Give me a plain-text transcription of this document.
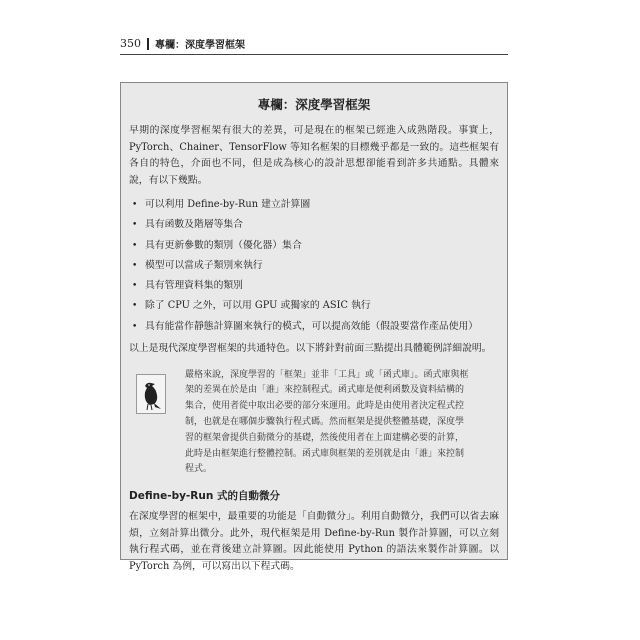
350 專欄：深度學習框架
專欄：深度學習框架

早期的深度學習框架有很大的差異，可是現在的框架已經進入成熟階段。事實上，PyTorch、Chainer、TensorFlow 等知名框架的目標幾乎都是一致的。這些框架有各自的特色，介面也不同，但是成為核心的設計思想卻能看到許多共通點。具體來說，有以下幾點。

• 可以利用 Define-by-Run 建立計算圖
• 具有函數及階層等集合
• 具有更新參數的類別（優化器）集合
• 模型可以當成子類別來執行
• 具有管理資料集的類別
• 除了 CPU 之外，可以用 GPU 或獨家的 ASIC 執行
• 具有能當作靜態計算圖來執行的模式，可以提高效能（假設要當作產品使用）

以上是現代深度學習框架的共通特色。以下將針對前面三點提出具體範例詳細說明。

嚴格來說，深度學習的「框架」並非「工具」或「函式庫」。函式庫與框架的差異在於是由「誰」來控制程式。函式庫是便利函數及資料結構的集合，使用者從中取出必要的部分來運用。此時是由使用者決定程式控制，也就是在哪個步驟執行程式碼。然而框架是提供整體基礎，深度學習的框架會提供自動微分的基礎，然後使用者在上面建構必要的計算，此時是由框架進行整體控制。函式庫與框架的差別就是由「誰」來控制程式。
Define-by-Run 式的自動微分

在深度學習的框架中，最重要的功能是「自動微分」。利用自動微分，我們可以省去麻煩，立刻計算出微分。此外，現代框架是用 Define-by-Run 製作計算圖，可以立刻執行程式碼，並在背後建立計算圖。因此能使用 Python 的語法來製作計算圖。以 PyTorch 為例，可以寫出以下程式碼。
